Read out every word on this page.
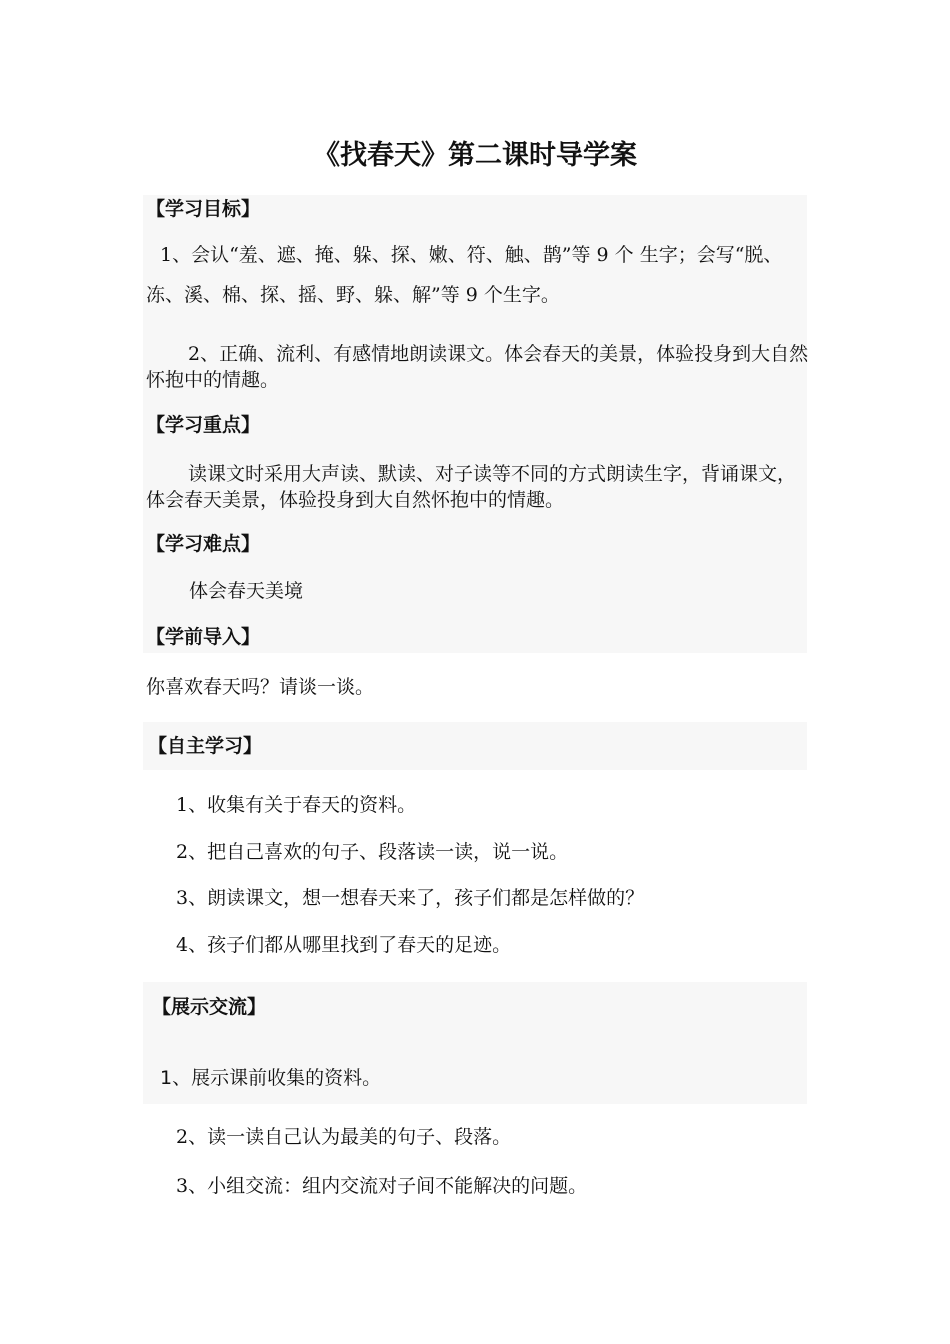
《找春天》第二课时导学案
【学习目标】
1、会认“羞、遮、掩、躲、探、嫩、符、触、鹊”等 9 个 生字；会写“脱、
冻、溪、棉、探、摇、野、躲、解”等 9 个生字。
2、正确、流利、有感情地朗读课文。体会春天的美景，体验投身到大自然怀抱中的情趣。
【学习重点】
读课文时采用大声读、默读、对子读等不同的方式朗读生字，背诵课文，体会春天美景，体验投身到大自然怀抱中的情趣。
【学习难点】
体会春天美境
【学前导入】
你喜欢春天吗？请谈一谈。
【自主学习】
1、收集有关于春天的资料。
2、把自己喜欢的句子、段落读一读，说一说。
3、朗读课文，想一想春天来了，孩子们都是怎样做的？
4、孩子们都从哪里找到了春天的足迹。
【展示交流】
1、展示课前收集的资料。
2、读一读自己认为最美的句子、段落。
3、小组交流：组内交流对子间不能解决的问题。
